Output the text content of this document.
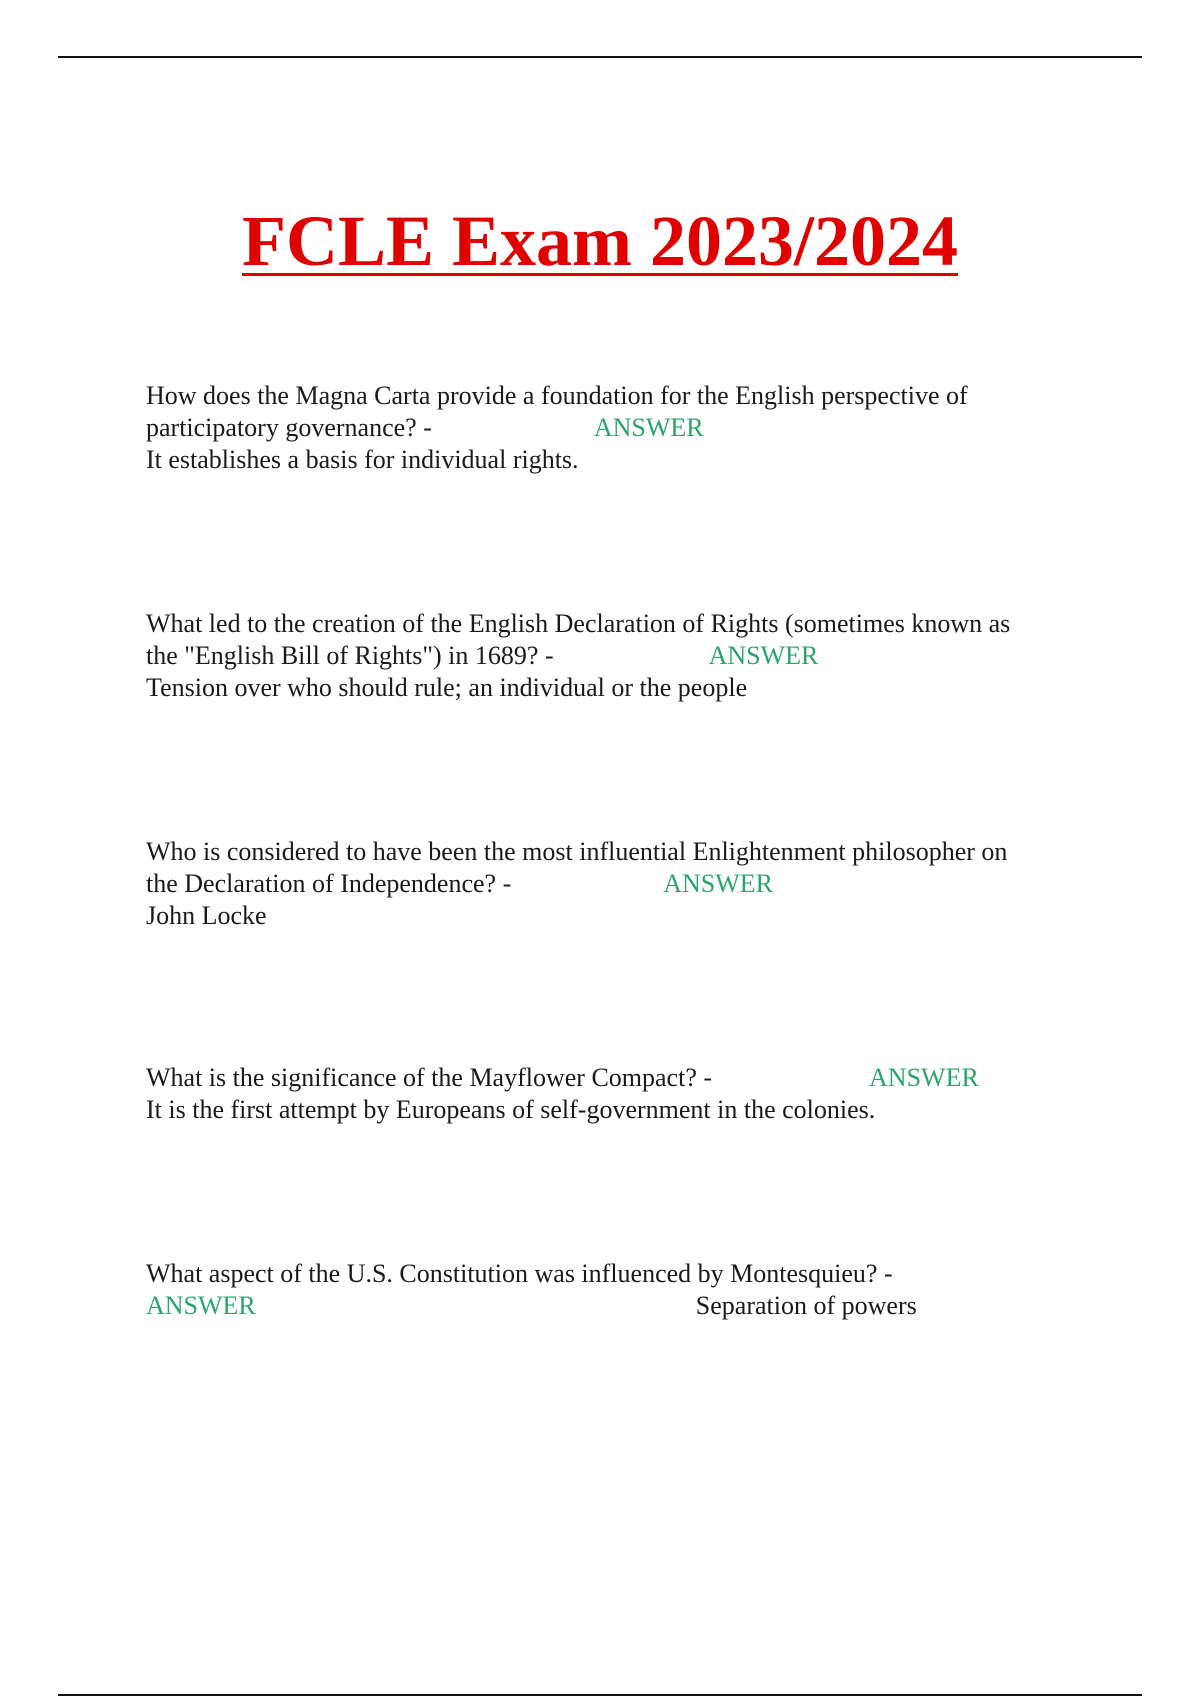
FCLE Exam 2023/2024
How does the Magna Carta provide a foundation for the English perspective of
participatory governance? -	ANSWER
It establishes a basis for individual rights.
What led to the creation of the English Declaration of Rights (sometimes known as
the "English Bill of Rights") in 1689? -	ANSWER
Tension over who should rule; an individual or the people
Who is considered to have been the most influential Enlightenment philosopher on
the Declaration of Independence? -	ANSWER
John Locke
What is the significance of the Mayflower Compact? -	ANSWER
It is the first attempt by Europeans of self-government in the colonies.
What aspect of the U.S. Constitution was influenced by Montesquieu? -
ANSWER	Separation of powers
